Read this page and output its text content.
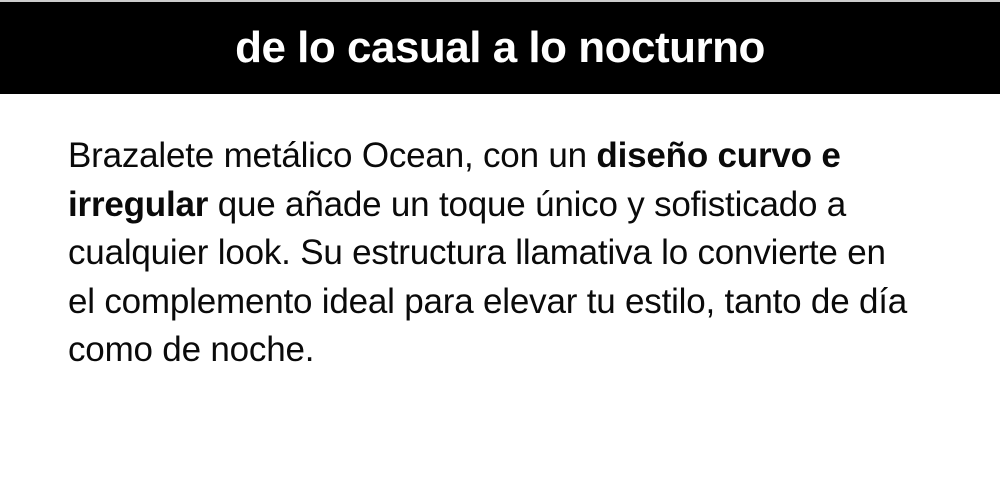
de lo casual a lo nocturno

Brazalete metálico Ocean, con un diseño curvo e
irregular que añade un toque único y sofisticado a
cualquier look. Su estructura llamativa lo convierte en
el complemento ideal para elevar tu estilo, tanto de día
como de noche.
